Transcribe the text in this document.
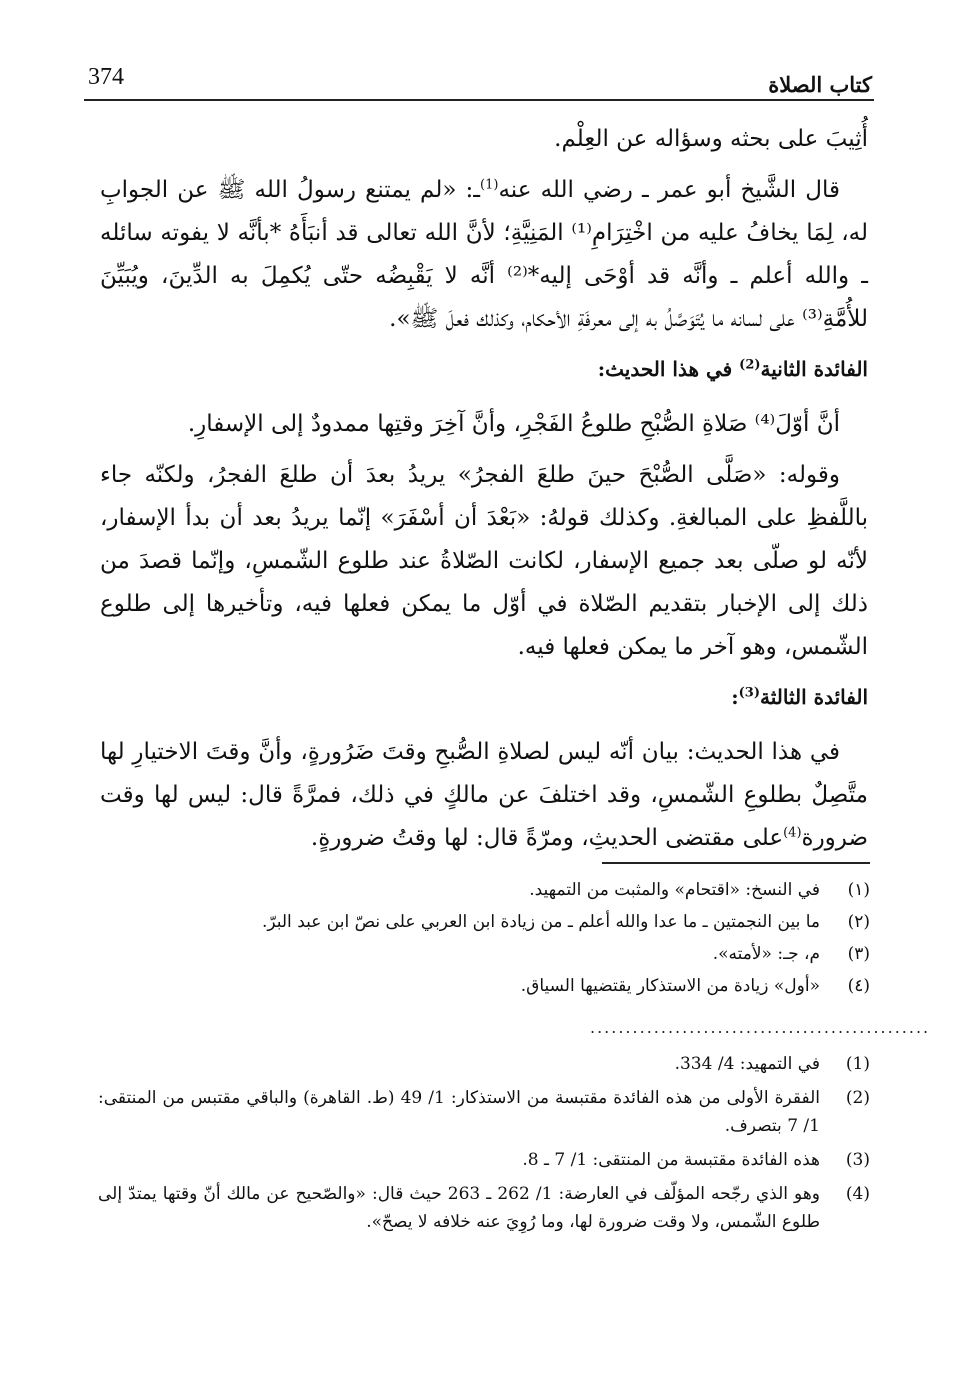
كتاب الصلاة
374

أُثِيبَ على بحثه وسؤاله عن العِلْم.

قال الشَّيخ أبو عمر ـ رضي الله عنه$^{(1)}$ـ: «لم يمتنع رسولُ الله ﷺ عن الجوابِ له، لِمَا يخافُ عليه من اخْتِرَامِ⁽¹⁾ المَنِيَّةِ؛ لأنَّ الله تعالى قد أنبَأَهُ *بأنَّه لا يفوته سائله ـ والله أعلم ـ وأنَّه قد أوْحَى إليه*⁽²⁾ أنَّه لا يَقْبِضُه حتّى يُكمِلَ به الدِّينَ، ويُبَيِّنَ للأُمَّةِ⁽³⁾ على لسانه ما يُتَوَصَّلُ به إلى معرفَةِ الأحكام، وكذلك فعلَ ﷺ».

الفائدة الثانية$^{(2)}$ في هذا الحديث:

أنَّ أوّلَ⁽⁴⁾ صَلاةِ الصُّبْحِ طلوعُ الفَجْرِ، وأنَّ آخِرَ وقتِها ممدودٌ إلى الإسفارِ.

وقوله: «صَلَّى الصُّبْحَ حينَ طلعَ الفجرُ» يريدُ بعدَ أن طلعَ الفجرُ، ولكنّه جاء باللَّفظِ على المبالغةِ. وكذلك قولهُ: «بَعْدَ أن أسْفَرَ» إنّما يريدُ بعد أن بدأ الإسفار، لأنّه لو صلّى بعد جميع الإسفار، لكانت الصّلاةُ عند طلوع الشّمسِ، وإنّما قصدَ من ذلك إلى الإخبار بتقديم الصّلاة في أوّل ما يمكن فعلها فيه، وتأخيرها إلى طلوع الشّمس، وهو آخر ما يمكن فعلها فيه.

الفائدة الثالثة$^{(3)}$:

في هذا الحديث: بيان أنّه ليس لصلاةِ الصُّبحِ وقتَ ضَرُورةٍ، وأنَّ وقتَ الاختيارِ لها متَّصِلٌ بطلوعِ الشّمسِ، وقد اختلفَ عن مالكٍ في ذلك، فمرَّةً قال: ليس لها وقت ضرورة$^{(4)}$على مقتضى الحديثِ، ومرّةً قال: لها وقتُ ضرورةٍ.

(١)
في النسخ: «اقتحام» والمثبت من التمهيد.
(٢)
ما بين النجمتين ـ ما عدا والله أعلم ـ من زيادة ابن العربي على نصّ ابن عبد البرّ.
(٣)
م، جـ: «لأمته».
(٤)
«أول» زيادة من الاستذكار يقتضيها السياق.
................................................
(1)
في التمهيد: 4/ 334.
(2)
الفقرة الأولى من هذه الفائدة مقتبسة من الاستذكار: 1/ 49 (ط. القاهرة) والباقي مقتبس من المنتقى: 1/ 7 بتصرف.
(3)
هذه الفائدة مقتبسة من المنتقى: 1/ 7 ـ 8.
(4)
وهو الذي رجّحه المؤلّف في العارضة: 1/ 262 ـ 263 حيث قال: «والصّحيح عن مالك أنّ وقتها يمتدّ إلى طلوع الشّمس، ولا وقت ضرورة لها، وما رُوِيَ عنه خلافه لا يصحّ».
